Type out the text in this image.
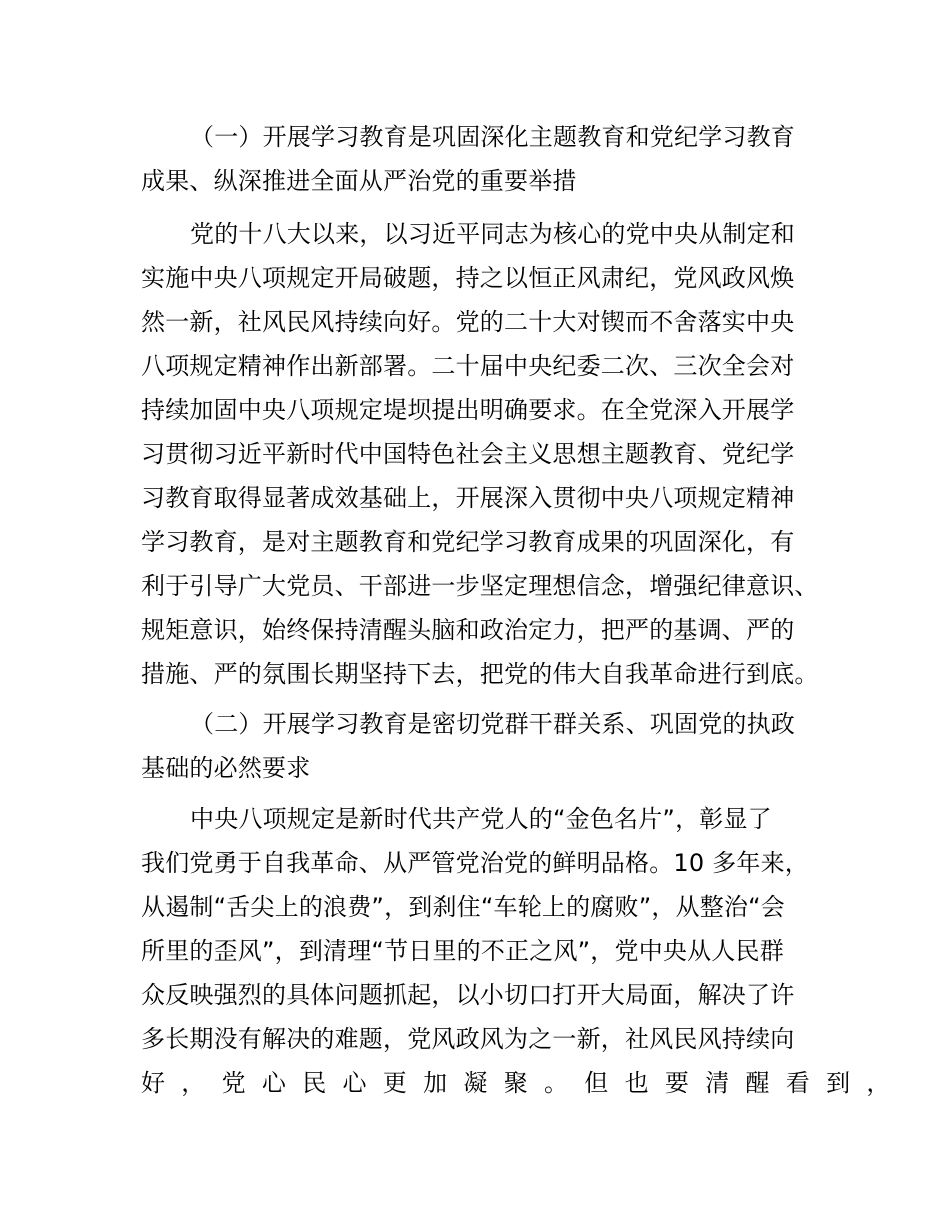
（一）开展学习教育是巩固深化主题教育和党纪学习教育
成果、纵深推进全面从严治党的重要举措
党的十八大以来，以习近平同志为核心的党中央从制定和
实施中央八项规定开局破题，持之以恒正风肃纪，党风政风焕
然一新，社风民风持续向好。党的二十大对锲而不舍落实中央
八项规定精神作出新部署。二十届中央纪委二次、三次全会对
持续加固中央八项规定堤坝提出明确要求。在全党深入开展学
习贯彻习近平新时代中国特色社会主义思想主题教育、党纪学
习教育取得显著成效基础上，开展深入贯彻中央八项规定精神
学习教育，是对主题教育和党纪学习教育成果的巩固深化，有
利于引导广大党员、干部进一步坚定理想信念，增强纪律意识、
规矩意识，始终保持清醒头脑和政治定力，把严的基调、严的
措施、严的氛围长期坚持下去，把党的伟大自我革命进行到底。
（二）开展学习教育是密切党群干群关系、巩固党的执政
基础的必然要求
中央八项规定是新时代共产党人的“金色名片”，彰显了
我们党勇于自我革命、从严管党治党的鲜明品格。10 多年来，
从遏制“舌尖上的浪费”，到刹住“车轮上的腐败”，从整治“会
所里的歪风”，到清理“节日里的不正之风”，党中央从人民群
众反映强烈的具体问题抓起，以小切口打开大局面，解决了许
多长期没有解决的难题，党风政风为之一新，社风民风持续向
好，党心民心更加凝聚。但也要清醒看到，
